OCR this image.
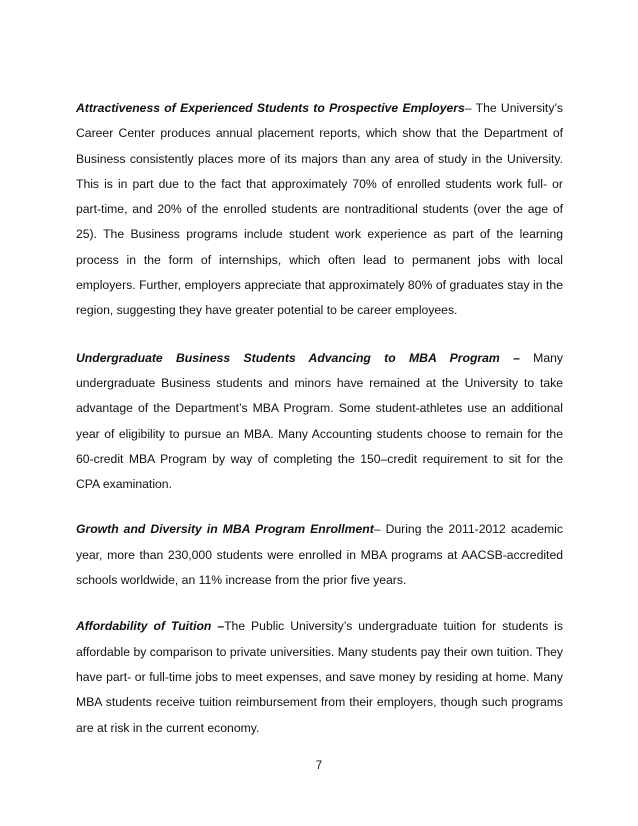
Attractiveness of Experienced Students to Prospective Employers– The University’s Career Center produces annual placement reports, which show that the Department of Business consistently places more of its majors than any area of study in the University. This is in part due to the fact that approximately 70% of enrolled students work full- or part-time, and 20% of the enrolled students are nontraditional students (over the age of 25). The Business programs include student work experience as part of the learning process in the form of internships, which often lead to permanent jobs with local employers. Further, employers appreciate that approximately 80% of graduates stay in the region, suggesting they have greater potential to be career employees.

Undergraduate Business Students Advancing to MBA Program – Many undergraduate Business students and minors have remained at the University to take advantage of the Department’s MBA Program. Some student-athletes use an additional year of eligibility to pursue an MBA. Many Accounting students choose to remain for the 60-credit MBA Program by way of completing the 150–credit requirement to sit for the CPA examination.

Growth and Diversity in MBA Program Enrollment– During the 2011-2012 academic year, more than 230,000 students were enrolled in MBA programs at AACSB-accredited schools worldwide, an 11% increase from the prior five years.

Affordability of Tuition –The Public University’s undergraduate tuition for students is affordable by comparison to private universities. Many students pay their own tuition. They have part- or full-time jobs to meet expenses, and save money by residing at home. Many MBA students receive tuition reimbursement from their employers, though such programs are at risk in the current economy.

7
